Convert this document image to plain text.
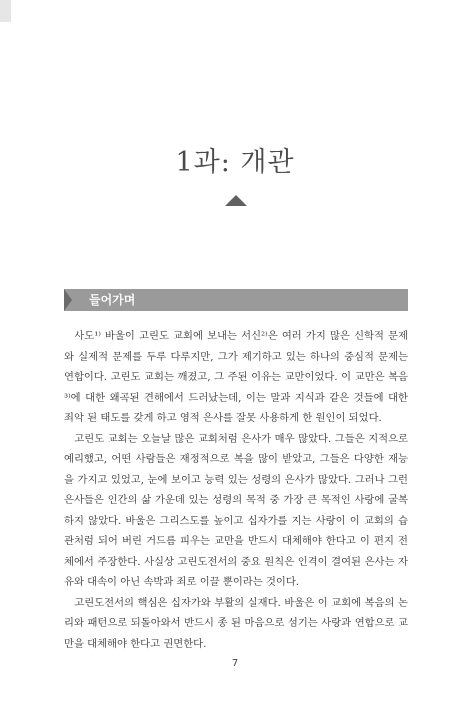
1과: 개관
들어가며

사도¹⁾ 바울이 고린도 교회에 보내는 서신²⁾은 여러 가지 많은 신학적 문제와 실제적 문제를 두루 다루지만, 그가 제기하고 있는 하나의 중심적 문제는 연합이다. 고린도 교회는 깨졌고, 그 주된 이유는 교만이었다. 이 교만은 복음³⁾에 대한 왜곡된 견해에서 드러났는데, 이는 말과 지식과 같은 것들에 대한 죄악 된 태도를 갖게 하고 영적 은사를 잘못 사용하게 한 원인이 되었다.

고린도 교회는 오늘날 많은 교회처럼 은사가 매우 많았다. 그들은 지적으로 예리했고, 어떤 사람들은 재정적으로 복을 많이 받았고, 그들은 다양한 재능을 가지고 있었고, 눈에 보이고 능력 있는 성령의 은사가 많았다. 그러나 그런 은사들은 인간의 삶 가운데 있는 성령의 목적 중 가장 큰 목적인 사랑에 굴복하지 않았다. 바울은 그리스도를 높이고 십자가를 지는 사랑이 이 교회의 습관처럼 되어 버린 거드름 피우는 교만을 반드시 대체해야 한다고 이 편지 전체에서 주장한다. 사실상 고린도전서의 중요 원칙은 인격이 결여된 은사는 자유와 대속이 아닌 속박과 죄로 이끌 뿐이라는 것이다.

고린도전서의 핵심은 십자가와 부활의 실재다. 바울은 이 교회에 복음의 논리와 패턴으로 되돌아와서 반드시 종 된 마음으로 섬기는 사랑과 연합으로 교만을 대체해야 한다고 권면한다.

7
